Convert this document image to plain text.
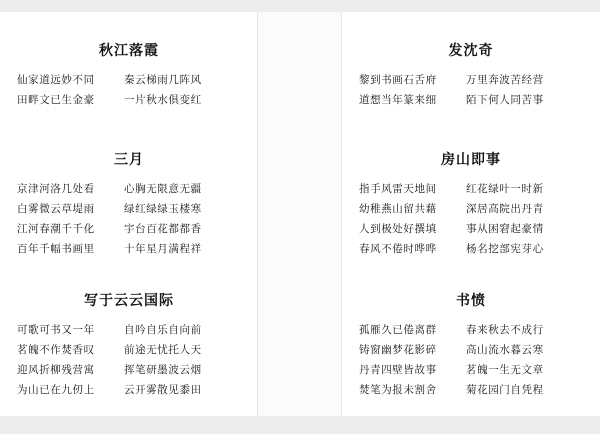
秋江落霞
仙家道远妙不同
田畔文已生金豪
秦云梯雨几阵风
一片秋水俱变红
三月
京津河洛几处看
白雾微云草堤雨
江河春潮千千化
百年千幅书画里
心胸无限意无疆
绿红绿绿玉楼寒
宇台百花都都香
十年星月满程祥
写于云云国际
可歌可书又一年
茗魄不作焚香叹
迎风折柳残营寓
为山已在九仞上
自吟自乐自向前
前途无忧托人天
挥笔研墨波云烟
云开雾散见黍田
发沈奇
黎到书画石舌府
道想当年篆来细
万里奔波苦经营
陌下何人同苦事
房山即事
指手风雷天地间
幼稚燕山留共藉
人到极处好撰填
春风不倦时哗哗
红花绿叶一时新
深居高院出丹青
事从困窘起豪情
杨名挖部宪芽心
书愤
孤雁久已倦离群
铸窗幽梦花影碎
丹青四壁皆故事
焚笔为报未割舍
春来秋去不成行
高山流水暮云寒
茗魄一生无文章
菊花园门自凭程
